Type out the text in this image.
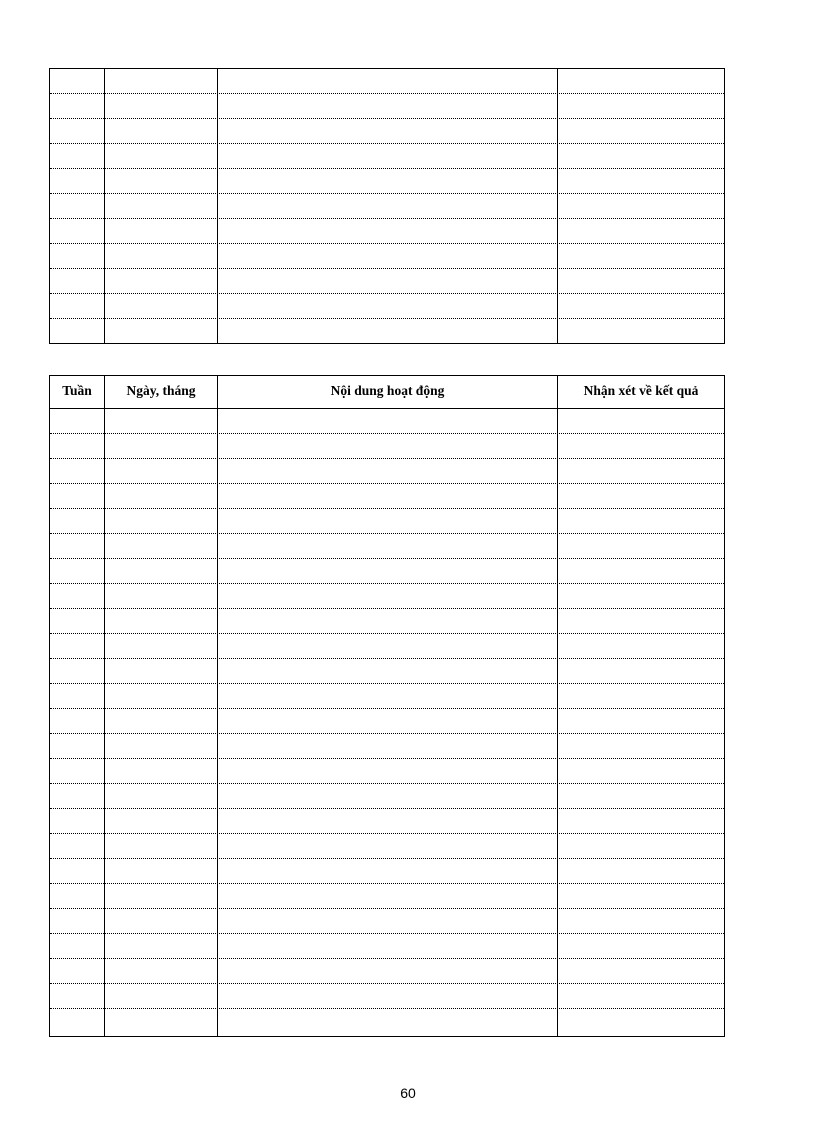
Tuần	Ngày, tháng	Nội dung hoạt động	Nhận xét về kết quả
60
